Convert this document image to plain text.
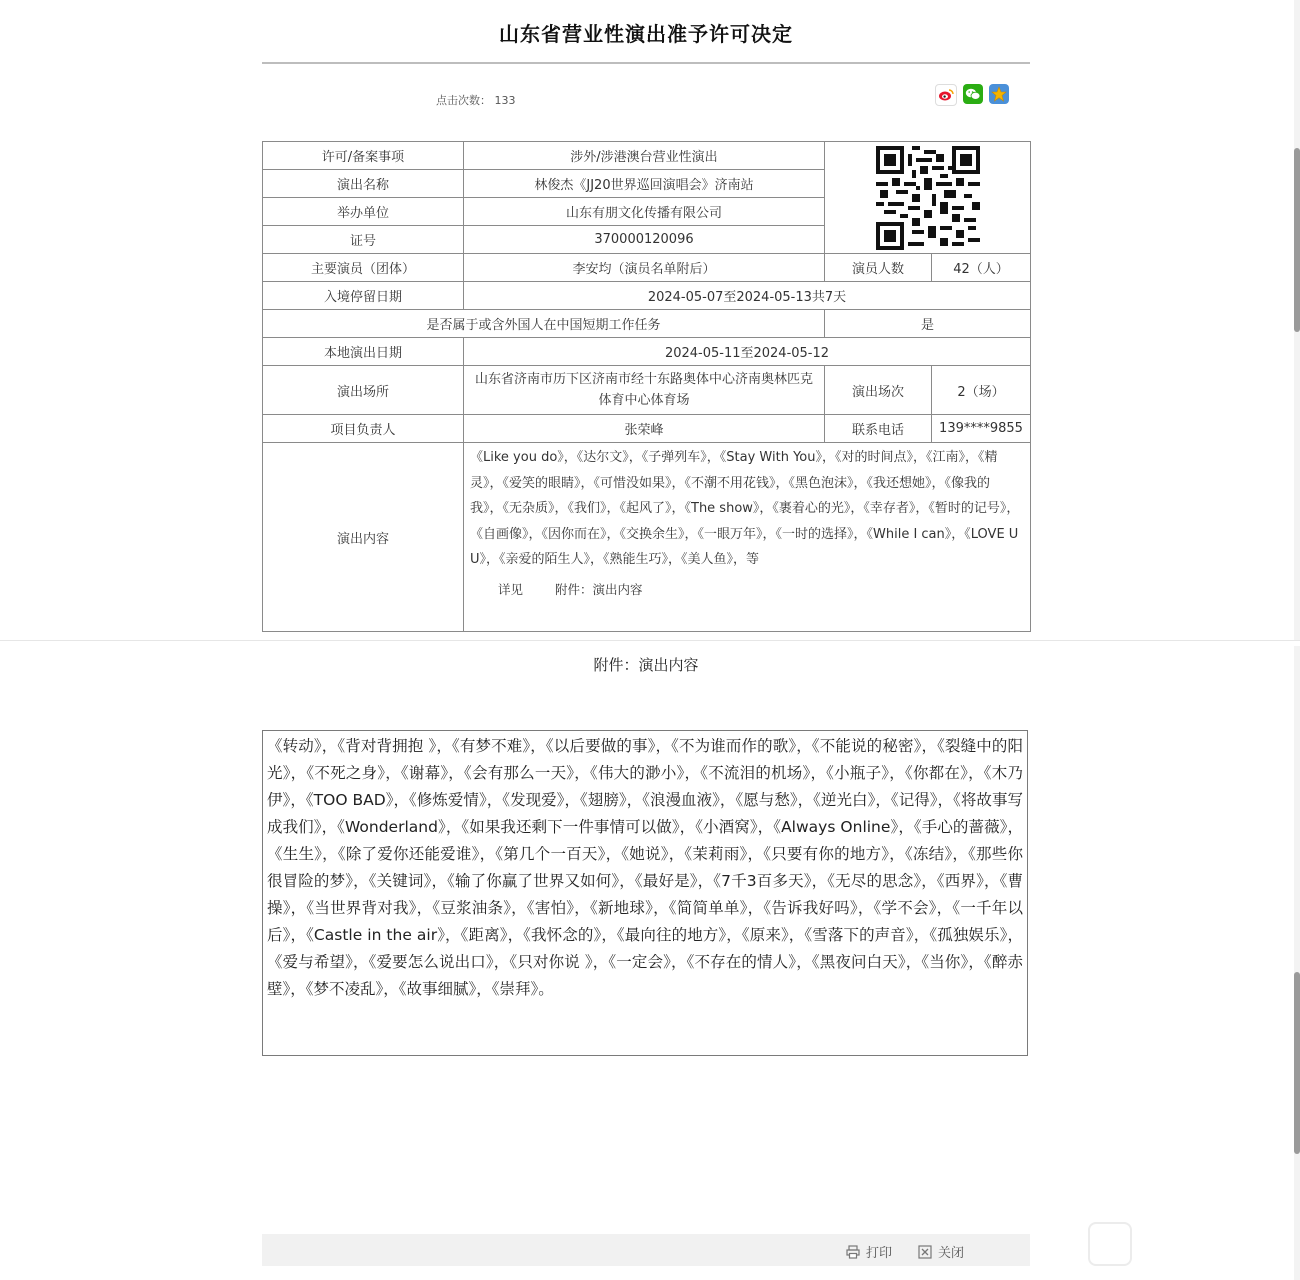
山东省营业性演出准予许可决定
点击次数： 133
许可/备案事项	涉外/涉港澳台营业性演出	

演出名称	林俊杰《JJ20世界巡回演唱会》济南站		
举办单位	山东有朋文化传播有限公司		
证号	370000120096		
主要演员（团体）	李安均（演员名单附后）	演员人数	42（人）
入境停留日期	2024-05-07至2024-05-13共7天		
是否属于或含外国人在中国短期工作任务		是	
本地演出日期	2024-05-11至2024-05-12		
演出场所	山东省济南市历下区济南市经十东路奥体中心济南奥林匹克体育中心体育场	演出场次	2（场）
项目负责人	张荣峰	联系电话	139****9855
演出内容	《Like you do》，《达尔文》，《子弹列车》，《Stay With You》，《对的时间点》，《江南》，《精灵》，《爱笑的眼睛》，《可惜没如果》，《不潮不用花钱》，《黑色泡沫》，《我还想她》，《像我的我》，《无杂质》，《我们》，《起风了》，《The show》，《裹着心的光》，《幸存者》，《暂时的记号》，《自画像》，《因你而在》，《交换余生》，《一眼万年》，《一时的选择》，《While I can》，《LOVE U U》，《亲爱的陌生人》，《熟能生巧》，《美人鱼》，等
详见 附件：演出内容		
附件：演出内容
《转动》，《背对背拥抱 》，《有梦不难》，《以后要做的事》，《不为谁而作的歌》，《不能说的秘密》，《裂缝中的阳光》，《不死之身》，《谢幕》，《会有那么一天》，《伟大的渺小》，《不流泪的机场》，《小瓶子》，《你都在》，《木乃伊》，《TOO BAD》，《修炼爱情》，《发现爱》，《翅膀》，《浪漫血液》，《愿与愁》，《逆光白》，《记得》，《将故事写成我们》，《Wonderland》，《如果我还剩下一件事情可以做》，《小酒窝》，《Always Online》，《手心的蔷薇》，《生生》，《除了爱你还能爱谁》，《第几个一百天》，《她说》，《茉莉雨》，《只要有你的地方》，《冻结》，《那些你很冒险的梦》，《关键词》，《输了你赢了世界又如何》，《最好是》，《7千3百多天》，《无尽的思念》，《西界》，《曹操》，《当世界背对我》，《豆浆油条》，《害怕》，《新地球》，《简简单单》，《告诉我好吗》，《学不会》，《一千年以后》，《Castle in the air》，《距离》，《我怀念的》，《最向往的地方》，《原来》，《雪落下的声音》，《孤独娱乐》，《爱与希望》，《爱要怎么说出口》，《只对你说 》，《一定会》，《不存在的情人》，《黑夜问白天》，《当你》，《醉赤壁》，《梦不凌乱》，《故事细腻》，《崇拜》。
打印	关闭
